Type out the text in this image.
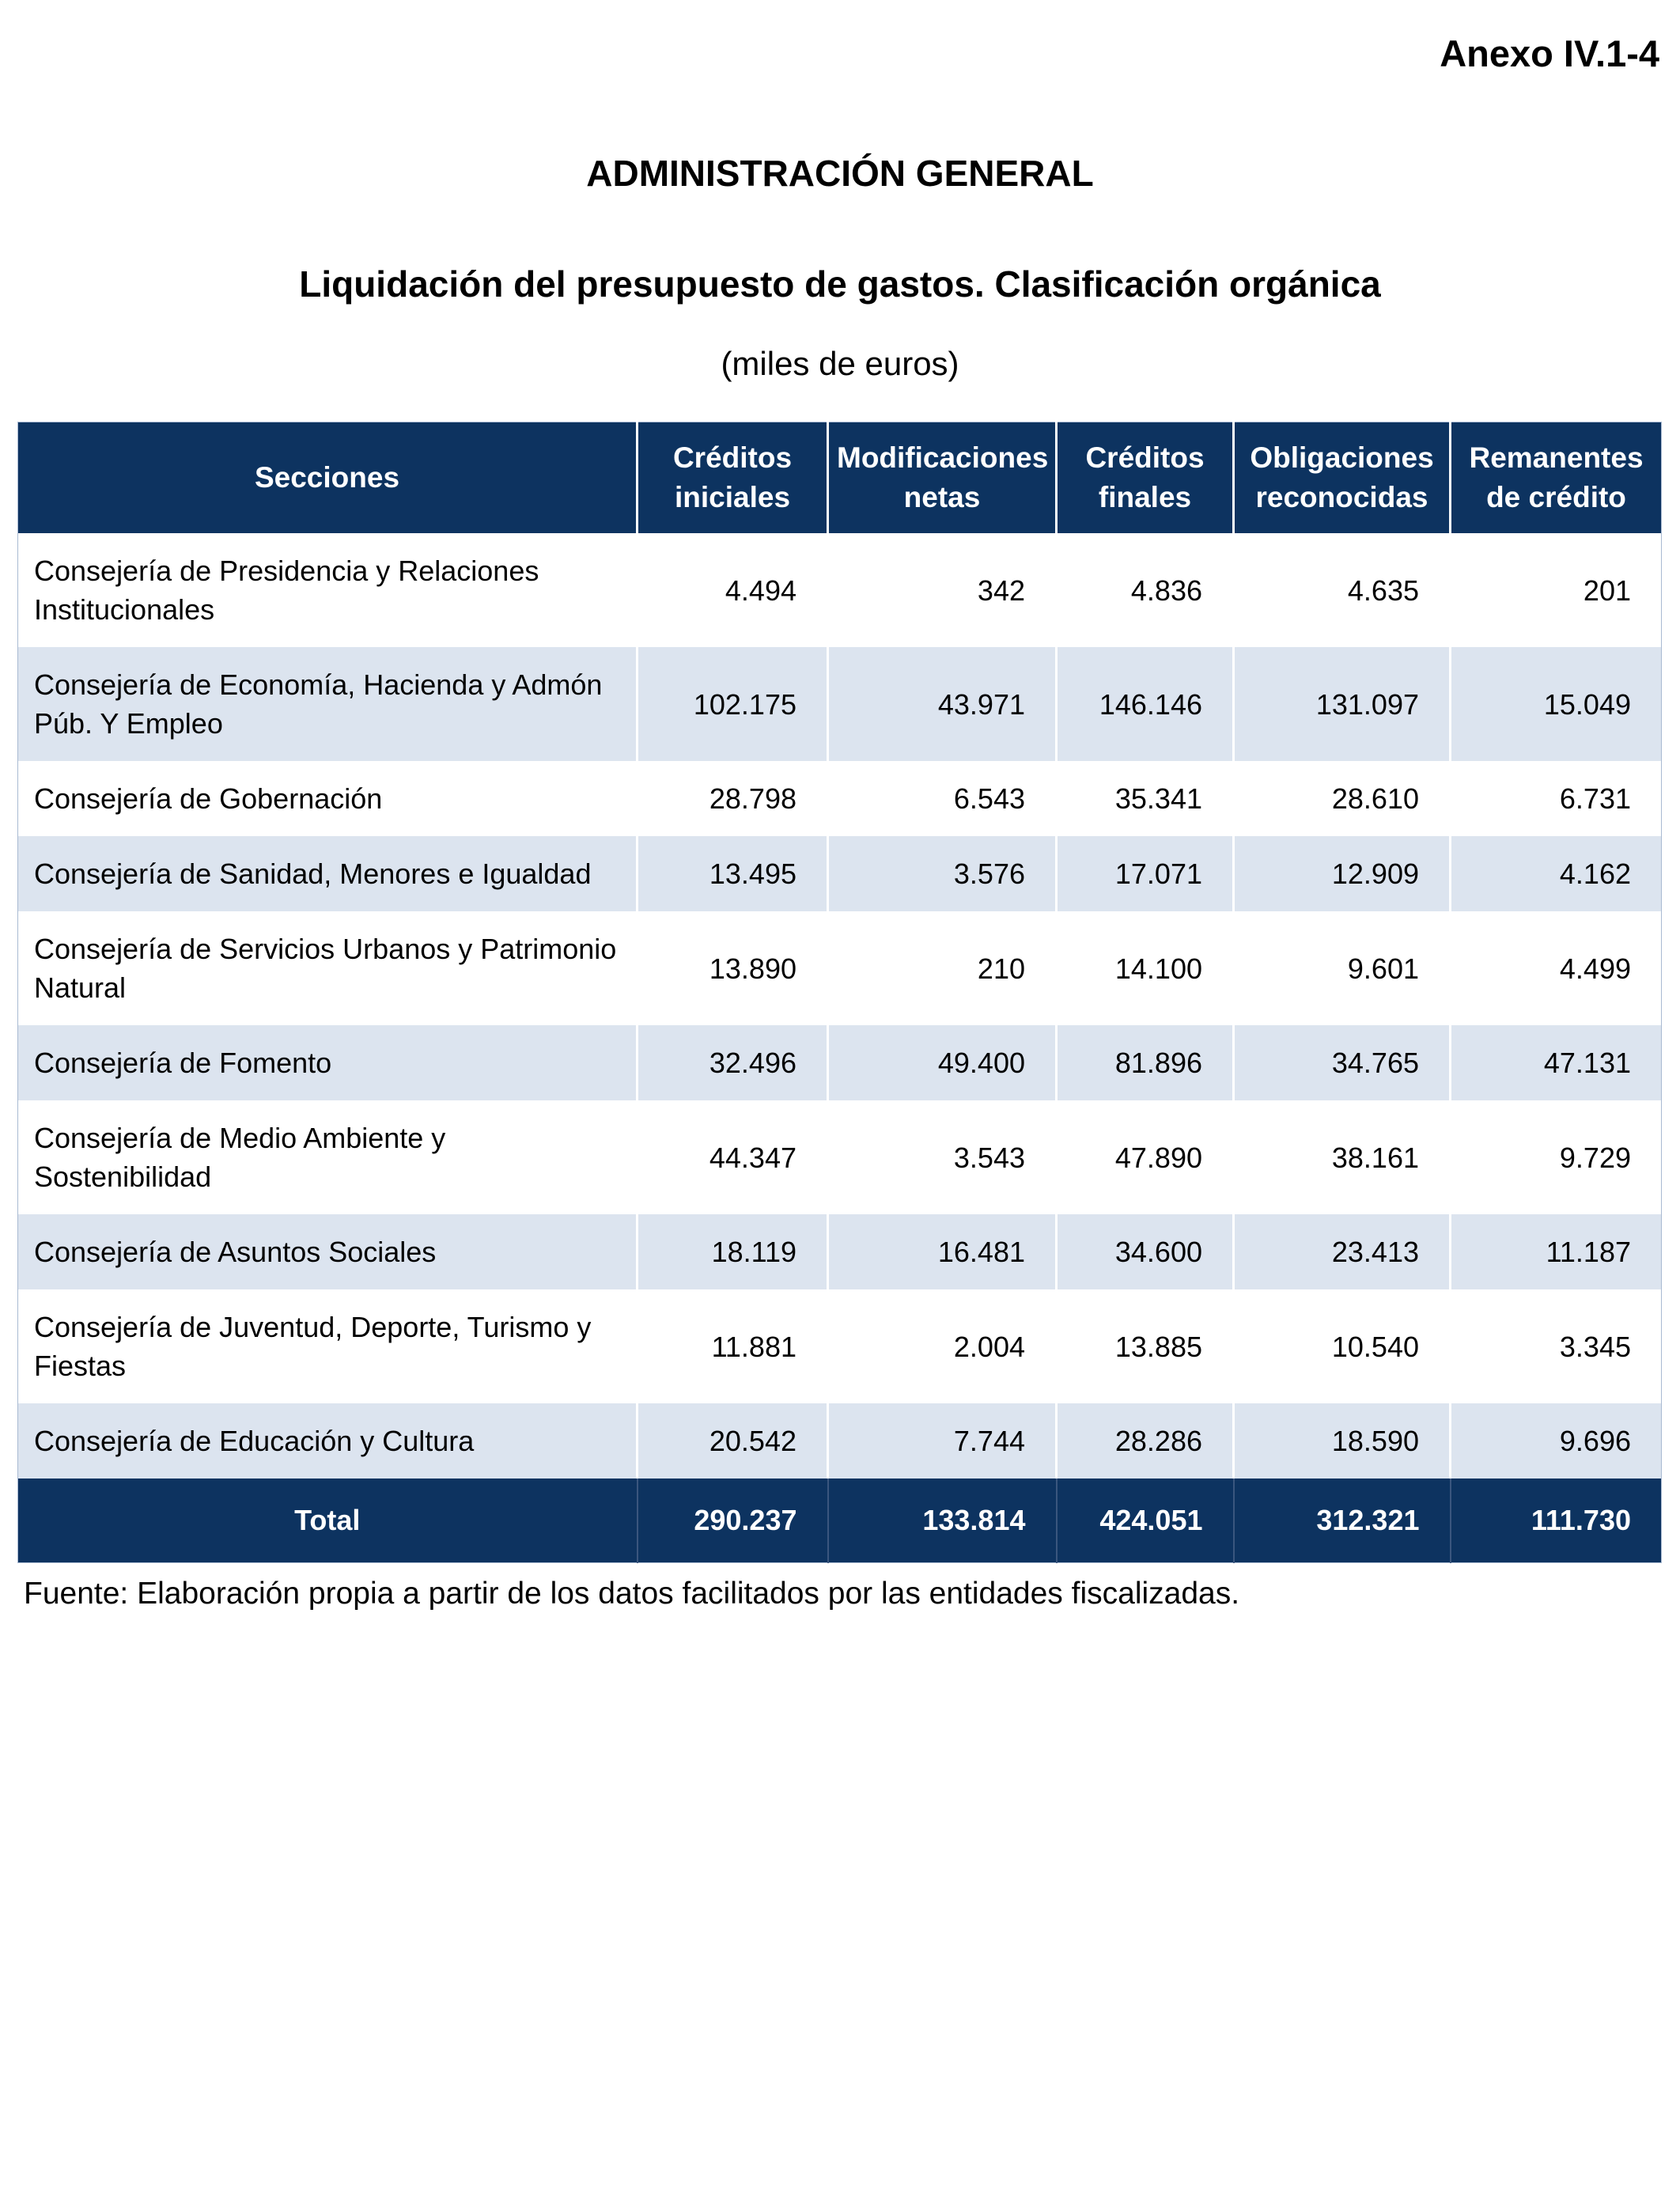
Anexo IV.1-4
ADMINISTRACIÓN GENERAL
Liquidación del presupuesto de gastos. Clasificación orgánica
(miles de euros)
Secciones	Créditos iniciales	Modificaciones netas	Créditos finales	Obligaciones reconocidas	Remanentes de crédito
Consejería de Presidencia y Relaciones Institucionales	4.494	342	4.836	4.635	201
Consejería de Economía, Hacienda y Admón Púb. Y Empleo	102.175	43.971	146.146	131.097	15.049
Consejería de Gobernación	28.798	6.543	35.341	28.610	6.731
Consejería de Sanidad, Menores e Igualdad	13.495	3.576	17.071	12.909	4.162
Consejería de Servicios Urbanos y Patrimonio Natural	13.890	210	14.100	9.601	4.499
Consejería de Fomento	32.496	49.400	81.896	34.765	47.131
Consejería de Medio Ambiente y Sostenibilidad	44.347	3.543	47.890	38.161	9.729
Consejería de Asuntos Sociales	18.119	16.481	34.600	23.413	11.187
Consejería de Juventud, Deporte, Turismo y Fiestas	11.881	2.004	13.885	10.540	3.345
Consejería de Educación y Cultura	20.542	7.744	28.286	18.590	9.696
Total	290.237	133.814	424.051	312.321	111.730
Fuente: Elaboración propia a partir de los datos facilitados por las entidades fiscalizadas.
